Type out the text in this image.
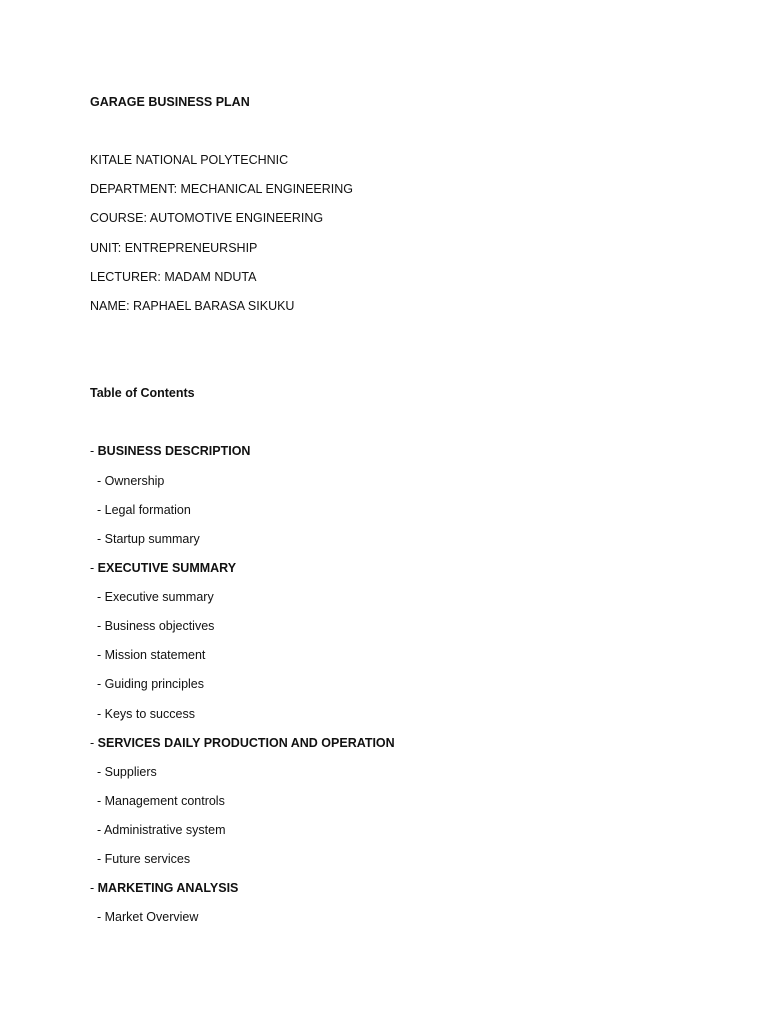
GARAGE BUSINESS PLAN
KITALE NATIONAL POLYTECHNIC
DEPARTMENT: MECHANICAL ENGINEERING
COURSE: AUTOMOTIVE ENGINEERING
UNIT: ENTREPRENEURSHIP
LECTURER: MADAM NDUTA
NAME: RAPHAEL BARASA SIKUKU
Table of Contents
- BUSINESS DESCRIPTION
- Ownership
- Legal formation
- Startup summary
- EXECUTIVE SUMMARY
- Executive summary
- Business objectives
- Mission statement
- Guiding principles
- Keys to success
- SERVICES DAILY PRODUCTION AND OPERATION
- Suppliers
- Management controls
- Administrative system
- Future services
- MARKETING ANALYSIS
- Market Overview
